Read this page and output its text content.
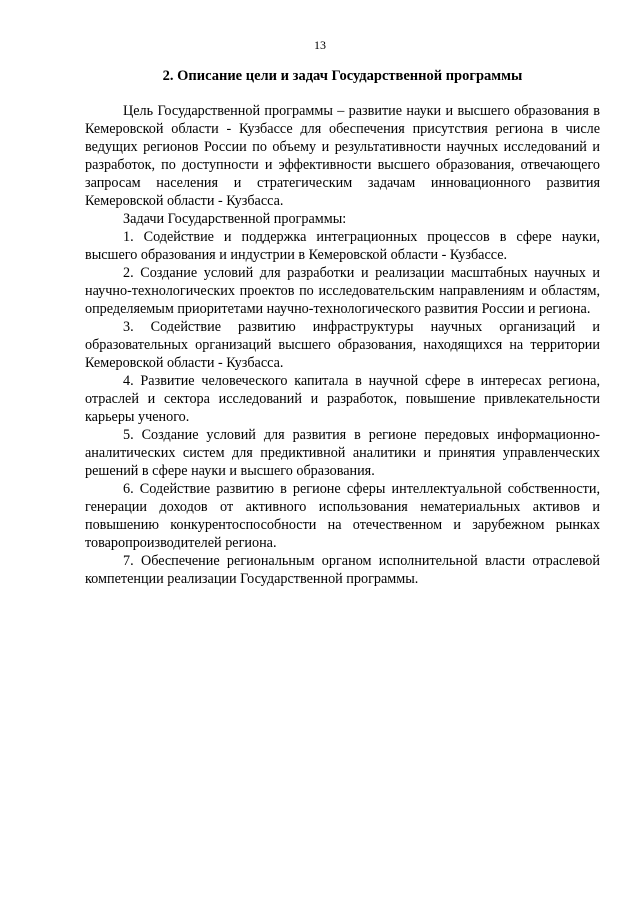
13
2. Описание цели и задач Государственной программы

Цель Государственной программы – развитие науки и высшего образования в Кемеровской области - Кузбассе для обеспечения присутствия региона в числе ведущих регионов России по объему и результативности научных исследований и разработок, по доступности и эффективности высшего образования, отвечающего запросам населения и стратегическим задачам инновационного развития Кемеровской области - Кузбасса.

Задачи Государственной программы:

1. Содействие и поддержка интеграционных процессов в сфере науки, высшего образования и индустрии в Кемеровской области - Кузбассе.

2. Создание условий для разработки и реализации масштабных научных и научно-технологических проектов по исследовательским направлениям и областям, определяемым приоритетами научно-технологического развития России и региона.

3. Содействие развитию инфраструктуры научных организаций и образовательных организаций высшего образования, находящихся на территории Кемеровской области - Кузбасса.

4. Развитие человеческого капитала в научной сфере в интересах региона, отраслей и сектора исследований и разработок, повышение привлекательности карьеры ученого.

5. Создание условий для развития в регионе передовых информационно-аналитических систем для предиктивной аналитики и принятия управленческих решений в сфере науки и высшего образования.

6. Содействие развитию в регионе сферы интеллектуальной собственности, генерации доходов от активного использования нематериальных активов и повышению конкурентоспособности на отечественном и зарубежном рынках товаропроизводителей региона.

7. Обеспечение региональным органом исполнительной власти отраслевой компетенции реализации Государственной программы.
